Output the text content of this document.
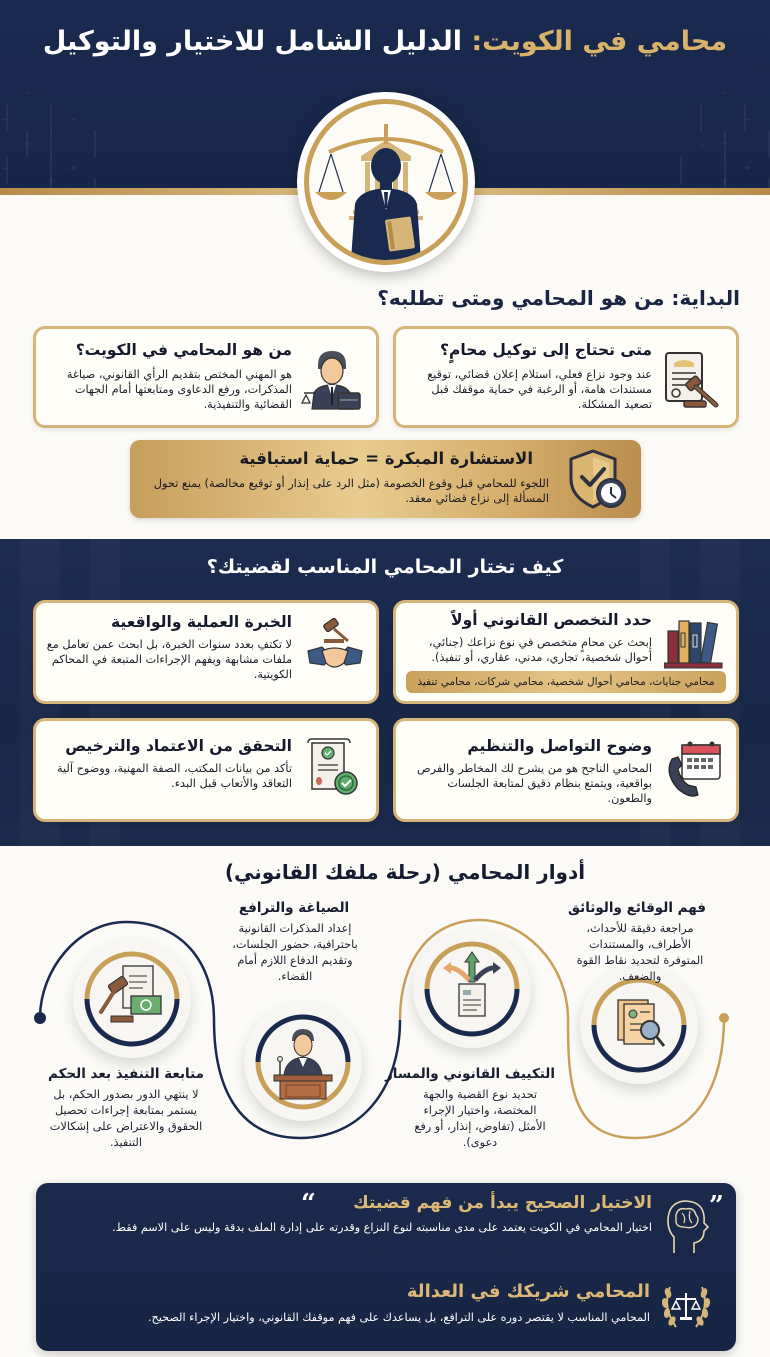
محامي في الكويت: الدليل الشامل للاختيار والتوكيل
البداية: من هو المحامي ومتى تطلبه؟
متى تحتاج إلى توكيل محامٍ؟
عند وجود نزاع فعلي، استلام إعلان قضائي، توقيع مستندات هامة، أو الرغبة في حماية موقفك قبل تصعيد المشكلة.
من هو المحامي في الكويت؟
هو المهني المختص بتقديم الرأي القانوني، صياغة المذكرات، ورفع الدعاوى ومتابعتها أمام الجهات القضائية والتنفيذية.
الاستشارة المبكرة = حماية استباقية
اللجوء للمحامي قبل وقوع الخصومة (مثل الرد على إنذار أو توقيع مخالصة) يمنع تحول المسألة إلى نزاع قضائي معقد.
كيف تختار المحامي المناسب لقضيتك؟
حدد التخصص القانوني أولاً
إبحث عن محامٍ متخصص في نوع نزاعك (جنائي، أحوال شخصية، تجاري، مدني، عقاري، أو تنفيذ).
محامي جنايات، محامي أحوال شخصية، محامي شركات، محامي تنفيذ
الخبرة العملية والواقعية
لا تكتفِ بعدد سنوات الخبرة، بل ابحث عمن تعامل مع ملفات مشابهة ويفهم الإجراءات المتبعة في المحاكم الكويتية.
وضوح التواصل والتنظيم
المحامي الناجح هو من يشرح لك المخاطر والفرص بواقعية، ويتمتع بنظام دقيق لمتابعة الجلسات والطعون.
التحقق من الاعتماد والترخيص
تأكد من بيانات المكتب، الصفة المهنية، ووضوح آلية التعاقد والأتعاب قبل البدء.
أدوار المحامي (رحلة ملفك القانوني)
فهم الوقائع والوثائق
مراجعة دقيقة للأحداث، الأطراف، والمستندات المتوفرة لتحديد نقاط القوة والضعف.
التكييف القانوني والمسار
تحديد نوع القضية والجهة المختصة، واختيار الإجراء الأمثل (تفاوض، إنذار، أو رفع دعوى).
الصياغة والترافع
إعداد المذكرات القانونية باحترافية، حضور الجلسات، وتقديم الدفاع اللازم أمام القضاء.
متابعة التنفيذ بعد الحكم
لا ينتهي الدور بصدور الحكم، بل يستمر بمتابعة إجراءات تحصيل الحقوق والاعتراض على إشكالات التنفيذ.
”
الاختيار الصحيح يبدأ من فهم قضيتك
“
اختيار المحامي في الكويت يعتمد على مدى مناسبته لنوع النزاع وقدرته على إدارة الملف بدقة وليس على الاسم فقط.
المحامي شريكك في العدالة
المحامي المناسب لا يقتصر دوره على الترافع، بل يساعدك على فهم موقفك القانوني، واختيار الإجراء الصحيح.
